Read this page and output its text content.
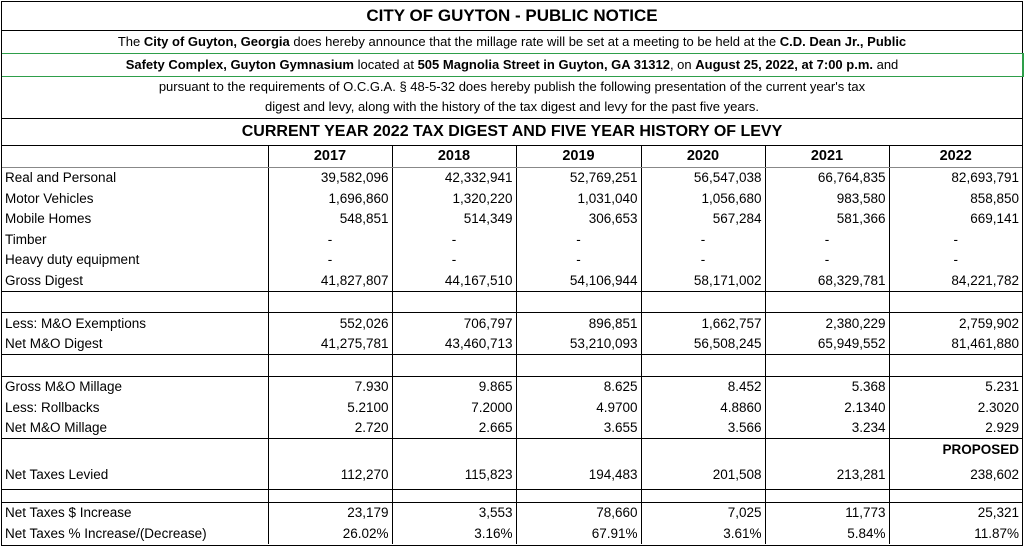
CITY OF GUYTON - PUBLIC NOTICE
The City of Guyton, Georgia does hereby announce that the millage rate will be set at a meeting to be held at the C.D. Dean Jr., Public
Safety Complex, Guyton Gymnasium located at 505 Magnolia Street in Guyton, GA 31312, on August 25, 2022, at 7:00 p.m. and
pursuant to the requirements of O.C.G.A. § 48-5-32 does hereby publish the following presentation of the current year's tax
digest and levy, along with the history of the tax digest and levy for the past five years.
CURRENT YEAR 2022 TAX DIGEST AND FIVE YEAR HISTORY OF LEVY
	2017	2018	2019	2020	2021	2022
Real and Personal	39,582,096	42,332,941	52,769,251	56,547,038	66,764,835	82,693,791
Motor Vehicles	1,696,860	1,320,220	1,031,040	1,056,680	983,580	858,850
Mobile Homes	548,851	514,349	306,653	567,284	581,366	669,141
Timber	-	-	-	-	-	-
Heavy duty equipment	-	-	-	-	-	-
Gross Digest	41,827,807	44,167,510	54,106,944	58,171,002	68,329,781	84,221,782

Less: M&O Exemptions	552,026	706,797	896,851	1,662,757	2,380,229	2,759,902
Net M&O Digest	41,275,781	43,460,713	53,210,093	56,508,245	65,949,552	81,461,880

Gross M&O Millage	7.930	9.865	8.625	8.452	5.368	5.231
Less: Rollbacks	5.2100	7.2000	4.9700	4.8860	2.1340	2.3020
Net M&O Millage	2.720	2.665	3.655	3.566	3.234	2.929
						PROPOSED
Net Taxes Levied	112,270	115,823	194,483	201,508	213,281	238,602

Net Taxes $ Increase	23,179	3,553	78,660	7,025	11,773	25,321
Net Taxes % Increase/(Decrease)	26.02%	3.16%	67.91%	3.61%	5.84%	11.87%
